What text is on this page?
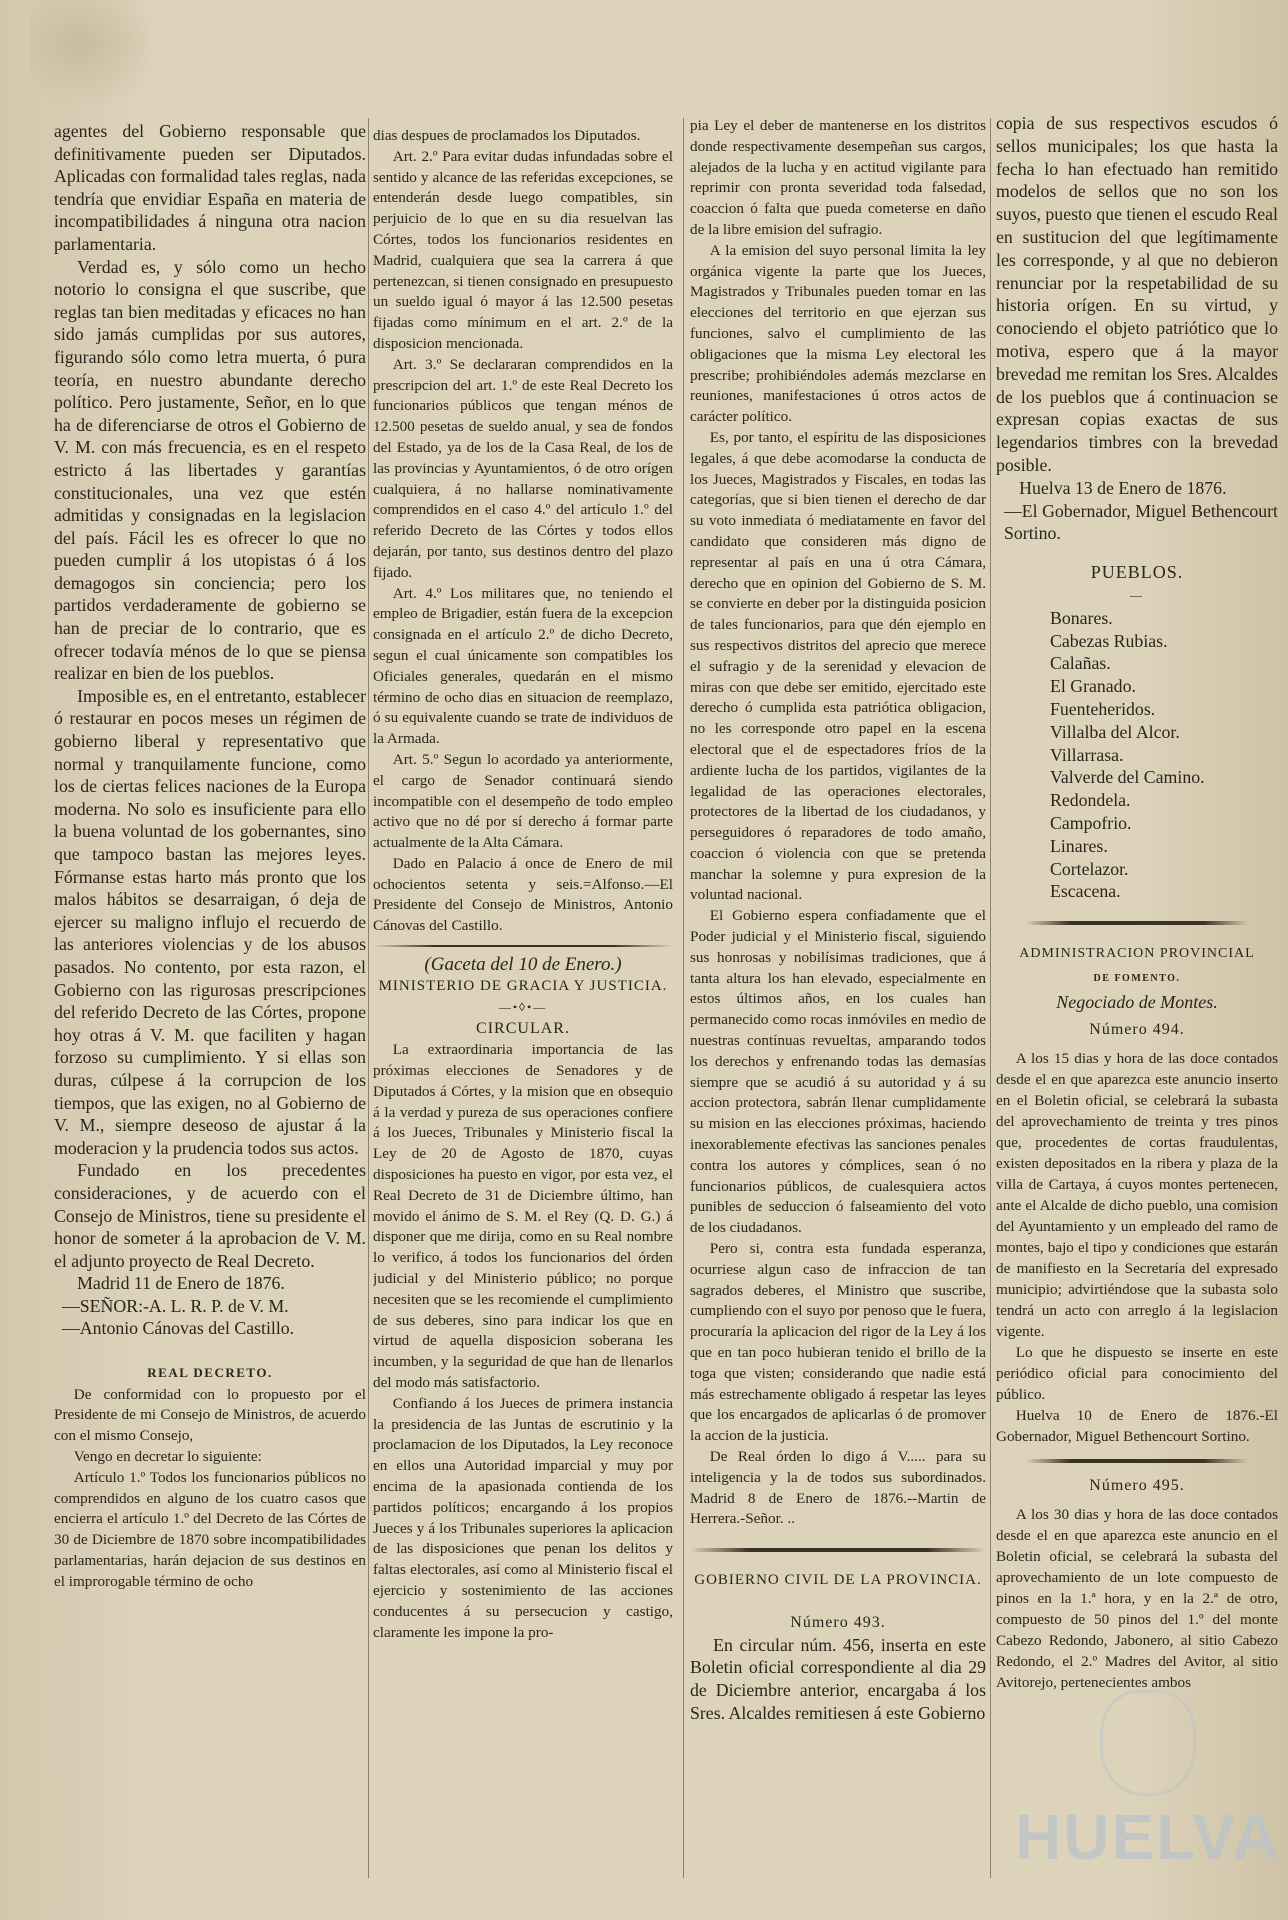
agentes del Gobierno responsable que definitivamente pueden ser Diputados. Aplicadas con formalidad tales reglas, nada tendría que envidiar España en materia de incompatibilidades á ninguna otra nacion parlamentaria.

Verdad es, y sólo como un hecho notorio lo consigna el que suscribe, que reglas tan bien meditadas y eficaces no han sido jamás cumplidas por sus autores, figurando sólo como letra muerta, ó pura teoría, en nuestro abundante derecho político. Pero justamente, Señor, en lo que ha de diferenciarse de otros el Gobierno de V. M. con más frecuencia, es en el respeto estricto á las libertades y garantías constitucionales, una vez que estén admitidas y consignadas en la legislacion del país. Fácil les es ofrecer lo que no pueden cumplir á los utopistas ó á los demagogos sin conciencia; pero los partidos verdaderamente de gobierno se han de preciar de lo contrario, que es ofrecer todavía ménos de lo que se piensa realizar en bien de los pueblos.

Imposible es, en el entretanto, establecer ó restaurar en pocos meses un régimen de gobierno liberal y representativo que normal y tranquilamente funcione, como los de ciertas felices naciones de la Europa moderna. No solo es insuficiente para ello la buena voluntad de los gobernantes, sino que tampoco bastan las mejores leyes. Fórmanse estas harto más pronto que los malos hábitos se desarraigan, ó deja de ejercer su maligno influjo el recuerdo de las anteriores violencias y de los abusos pasados. No contento, por esta razon, el Gobierno con las rigurosas prescripciones del referido Decreto de las Córtes, propone hoy otras á V. M. que faciliten y hagan forzoso su cumplimiento. Y si ellas son duras, cúlpese á la corrupcion de los tiempos, que las exigen, no al Gobierno de V. M., siempre deseoso de ajustar á la moderacion y la prudencia todos sus actos.

Fundado en los precedentes consideraciones, y de acuerdo con el Consejo de Ministros, tiene su presidente el honor de someter á la aprobacion de V. M. el adjunto proyecto de Real Decreto.

Madrid 11 de Enero de 1876.

—SEÑOR:-A. L. R. P. de V. M.

—Antonio Cánovas del Castillo.

REAL DECRETO.

De conformidad con lo propuesto por el Presidente de mi Consejo de Ministros, de acuerdo con el mismo Consejo,

Vengo en decretar lo siguiente:

Artículo 1.º Todos los funcionarios públicos no comprendidos en alguno de los cuatro casos que encierra el artículo 1.º del Decreto de las Córtes de 30 de Diciembre de 1870 sobre incompatibilidades parlamentarias, harán dejacion de sus destinos en el improrogable término de ocho

dias despues de proclamados los Diputados.

Art. 2.º Para evitar dudas infundadas sobre el sentido y alcance de las referidas excepciones, se entenderán desde luego compatibles, sin perjuicio de lo que en su dia resuelvan las Córtes, todos los funcionarios residentes en Madrid, cualquiera que sea la carrera á que pertenezcan, si tienen consignado en presupuesto un sueldo igual ó mayor á las 12.500 pesetas fijadas como mínimum en el art. 2.º de la disposicion mencionada.

Art. 3.º Se declararan comprendidos en la prescripcion del art. 1.º de este Real Decreto los funcionarios públicos que tengan ménos de 12.500 pesetas de sueldo anual, y sea de fondos del Estado, ya de los de la Casa Real, de los de las provincias y Ayuntamientos, ó de otro orígen cualquiera, á no hallarse nominativamente comprendidos en el caso 4.º del artículo 1.º del referido Decreto de las Córtes y todos ellos dejarán, por tanto, sus destinos dentro del plazo fijado.

Art. 4.º Los militares que, no teniendo el empleo de Brigadier, están fuera de la excepcion consignada en el artículo 2.º de dicho Decreto, segun el cual únicamente son compatibles los Oficiales generales, quedarán en el mismo término de ocho dias en situacion de reemplazo, ó su equivalente cuando se trate de individuos de la Armada.

Art. 5.º Segun lo acordado ya anteriormente, el cargo de Senador continuará siendo incompatible con el desempeño de todo empleo activo que no dé por sí derecho á formar parte actualmente de la Alta Cámara.

Dado en Palacio á once de Enero de mil ochocientos setenta y seis.=Alfonso.—El Presidente del Consejo de Ministros, Antonio Cánovas del Castillo.

(Gaceta del 10 de Enero.)

MINISTERIO DE GRACIA Y JUSTICIA.

—•◊•—

CIRCULAR.

La extraordinaria importancia de las próximas elecciones de Senadores y de Diputados á Córtes, y la mision que en obsequio á la verdad y pureza de sus operaciones confiere á los Jueces, Tribunales y Ministerio fiscal la Ley de 20 de Agosto de 1870, cuyas disposiciones ha puesto en vigor, por esta vez, el Real Decreto de 31 de Diciembre último, han movido el ánimo de S. M. el Rey (Q. D. G.) á disponer que me dirija, como en su Real nombre lo verifico, á todos los funcionarios del órden judicial y del Ministerio público; no porque necesiten que se les recomiende el cumplimiento de sus deberes, sino para indicar los que en virtud de aquella disposicion soberana les incumben, y la seguridad de que han de llenarlos del modo más satisfactorio.

Confiando á los Jueces de primera instancia la presidencia de las Juntas de escrutinio y la proclamacion de los Diputados, la Ley reconoce en ellos una Autoridad imparcial y muy por encima de la apasionada contienda de los partidos políticos; encargando á los propios Jueces y á los Tribunales superiores la aplicacion de las disposiciones que penan los delitos y faltas electorales, así como al Ministerio fiscal el ejercicio y sostenimiento de las acciones conducentes á su persecucion y castigo, claramente les impone la pro-

pia Ley el deber de mantenerse en los distritos donde respectivamente desempeñan sus cargos, alejados de la lucha y en actitud vigilante para reprimir con pronta severidad toda falsedad, coaccion ó falta que pueda cometerse en daño de la libre emision del sufragio.

A la emision del suyo personal limita la ley orgánica vigente la parte que los Jueces, Magistrados y Tribunales pueden tomar en las elecciones del territorio en que ejerzan sus funciones, salvo el cumplimiento de las obligaciones que la misma Ley electoral les prescribe; prohibiéndoles además mezclarse en reuniones, manifestaciones ú otros actos de carácter político.

Es, por tanto, el espíritu de las disposiciones legales, á que debe acomodarse la conducta de los Jueces, Magistrados y Fiscales, en todas las categorías, que si bien tienen el derecho de dar su voto inmediata ó mediatamente en favor del candidato que consideren más digno de representar al país en una ú otra Cámara, derecho que en opinion del Gobierno de S. M. se convierte en deber por la distinguida posicion de tales funcionarios, para que dén ejemplo en sus respectivos distritos del aprecio que merece el sufragio y de la serenidad y elevacion de miras con que debe ser emitido, ejercitado este derecho ó cumplida esta patriótica obligacion, no les corresponde otro papel en la escena electoral que el de espectadores fríos de la ardiente lucha de los partidos, vigilantes de la legalidad de las operaciones electorales, protectores de la libertad de los ciudadanos, y perseguidores ó reparadores de todo amaño, coaccion ó violencia con que se pretenda manchar la solemne y pura expresion de la voluntad nacional.

El Gobierno espera confiadamente que el Poder judicial y el Ministerio fiscal, siguiendo sus honrosas y nobilísimas tradiciones, que á tanta altura los han elevado, especialmente en estos últimos años, en los cuales han permanecido como rocas inmóviles en medio de nuestras contínuas revueltas, amparando todos los derechos y enfrenando todas las demasías siempre que se acudió á su autoridad y á su accion protectora, sabrán llenar cumplidamente su mision en las elecciones próximas, haciendo inexorablemente efectivas las sanciones penales contra los autores y cómplices, sean ó no funcionarios públicos, de cualesquiera actos punibles de seduccion ó falseamiento del voto de los ciudadanos.

Pero si, contra esta fundada esperanza, ocurriese algun caso de infraccion de tan sagrados deberes, el Ministro que suscribe, cumpliendo con el suyo por penoso que le fuera, procuraría la aplicacion del rigor de la Ley á los que en tan poco hubieran tenido el brillo de la toga que visten; considerando que nadie está más estrechamente obligado á respetar las leyes que los encargados de aplicarlas ó de promover la accion de la justicia.

De Real órden lo digo á V..... para su inteligencia y la de todos sus subordinados. Madrid 8 de Enero de 1876.--Martin de Herrera.-Señor. ..

GOBIERNO CIVIL DE LA PROVINCIA.

Número 493.

En circular núm. 456, inserta en este Boletin oficial correspondiente al dia 29 de Diciembre anterior, encargaba á los Sres. Alcaldes remitiesen á este Gobierno

copia de sus respectivos escudos ó sellos municipales; los que hasta la fecha lo han efectuado han remitido modelos de sellos que no son los suyos, puesto que tienen el escudo Real en sustitucion del que legítimamente les corresponde, y al que no debieron renunciar por la respetabilidad de su historia orígen. En su virtud, y conociendo el objeto patriótico que lo motiva, espero que á la mayor brevedad me remitan los Sres. Alcaldes de los pueblos que á continuacion se expresan copias exactas de sus legendarios timbres con la brevedad posible.

Huelva 13 de Enero de 1876.

—El Gobernador, Miguel Bethencourt Sortino.

PUEBLOS.

—

Bonares.

Cabezas Rubias.

Calañas.

El Granado.

Fuenteheridos.

Villalba del Alcor.

Villarrasa.

Valverde del Camino.

Redondela.

Campofrio.

Linares.

Cortelazor.

Escacena.

ADMINISTRACION PROVINCIAL

DE FOMENTO.

Negociado de Montes.

Número 494.

A los 15 dias y hora de las doce contados desde el en que aparezca este anuncio inserto en el Boletin oficial, se celebrará la subasta del aprovechamiento de treinta y tres pinos que, procedentes de cortas fraudulentas, existen depositados en la ribera y plaza de la villa de Cartaya, á cuyos montes pertenecen, ante el Alcalde de dicho pueblo, una comision del Ayuntamiento y un empleado del ramo de montes, bajo el tipo y condiciones que estarán de manifiesto en la Secretaría del expresado municipio; advirtiéndose que la subasta solo tendrá un acto con arreglo á la legislacion vigente.

Lo que he dispuesto se inserte en este periódico oficial para conocimiento del público.

Huelva 10 de Enero de 1876.-El Gobernador, Miguel Bethencourt Sortino.

Número 495.

A los 30 dias y hora de las doce contados desde el en que aparezca este anuncio en el Boletin oficial, se celebrará la subasta del aprovechamiento de un lote compuesto de pinos en la 1.ª hora, y en la 2.ª de otro, compuesto de 50 pinos del 1.º del monte Cabezo Redondo, Jabonero, al sitio Cabezo Redondo, el 2.º Madres del Avitor, al sitio Avitorejo, pertenecientes ambos

HUELVA
